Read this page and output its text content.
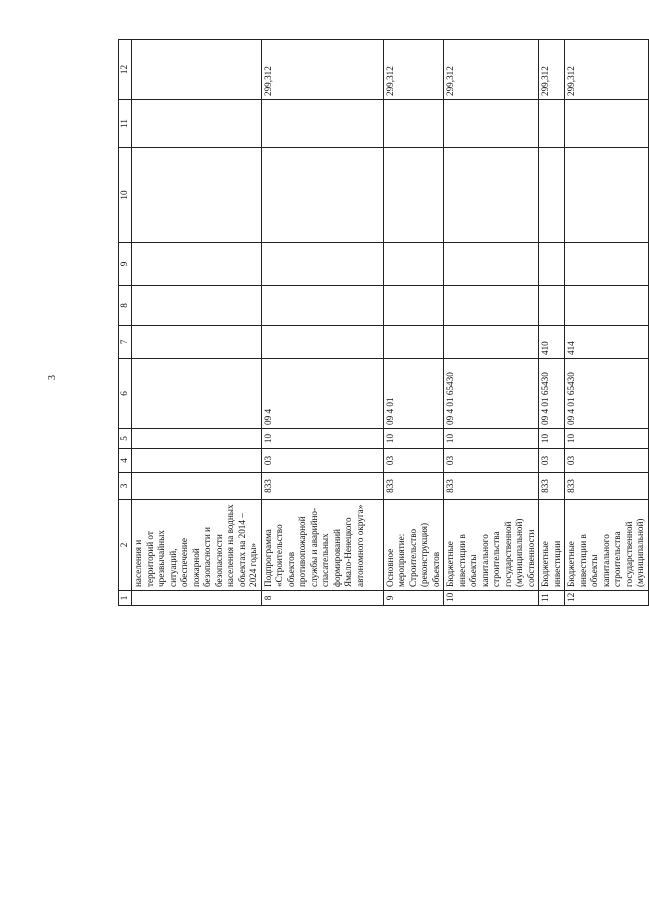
3
1	2	3	4	5	6	7	8	9	10	11	12
	населения и территорий от чрезвычайных ситуаций, обеспечение пожарной безопасности и безопасности населения на водных объектах на 2014 – 2024 годы»										
8	Подпрограмма «Строительство объектов противопожарной службы и аварийно-спасательных формирований Ямало-Ненецкого автономного округа»	833	03	10	09 4						299,312
9	Основное мероприятие: Строительство (реконструкция) объектов	833	03	10	09 4 01						299,312
10	Бюджетные инвестиции в объекты капитального строительства государственной (муниципальной) собственности	833	03	10	09 4 01 65430						299,312
11	Бюджетные инвестиции	833	03	10	09 4 01 65430	410					299,312
12	Бюджетные инвестиции в объекты капитального строительства государственной (муниципальной)	833	03	10	09 4 01 65430	414					299,312
